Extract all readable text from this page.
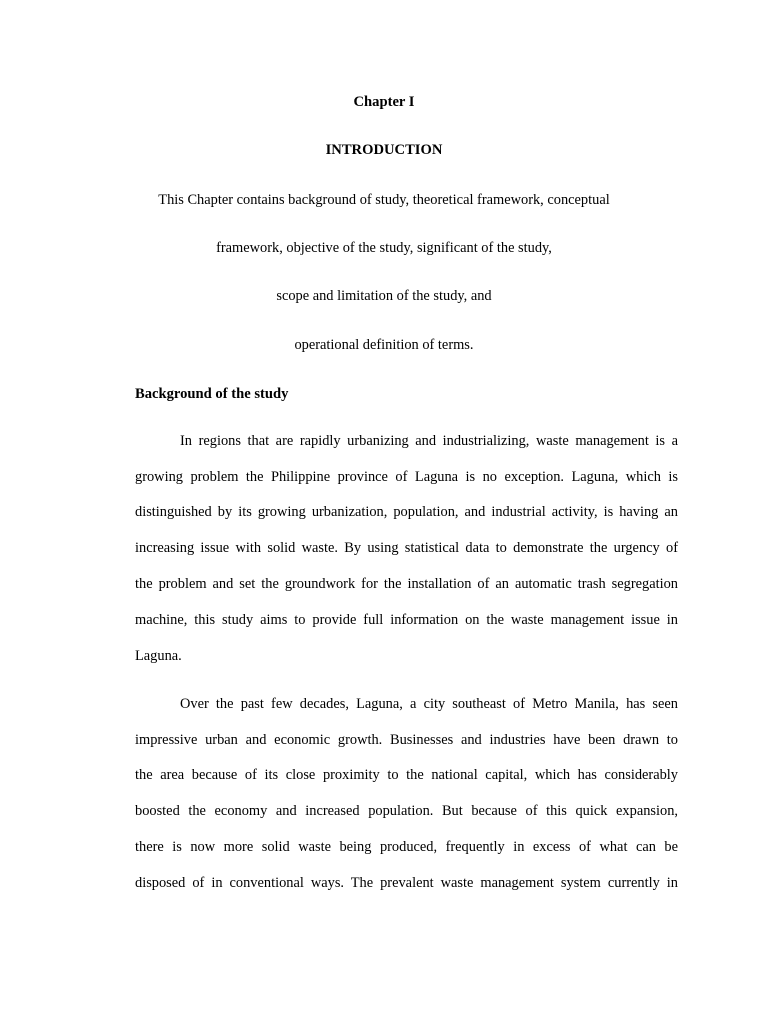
Chapter I

INTRODUCTION

This Chapter contains background of study, theoretical framework, conceptual

framework, objective of the study, significant of the study,

scope and limitation of the study, and

operational definition of terms.

Background of the study

In regions that are rapidly urbanizing and industrializing, waste management is a

growing problem the Philippine province of Laguna is no exception. Laguna, which is

distinguished by its growing urbanization, population, and industrial activity, is having an

increasing issue with solid waste. By using statistical data to demonstrate the urgency of

the problem and set the groundwork for the installation of an automatic trash segregation

machine, this study aims to provide full information on the waste management issue in

Laguna.

Over the past few decades, Laguna, a city southeast of Metro Manila, has seen

impressive urban and economic growth. Businesses and industries have been drawn to

the area because of its close proximity to the national capital, which has considerably

boosted the economy and increased population. But because of this quick expansion,

there is now more solid waste being produced, frequently in excess of what can be

disposed of in conventional ways. The prevalent waste management system currently in
